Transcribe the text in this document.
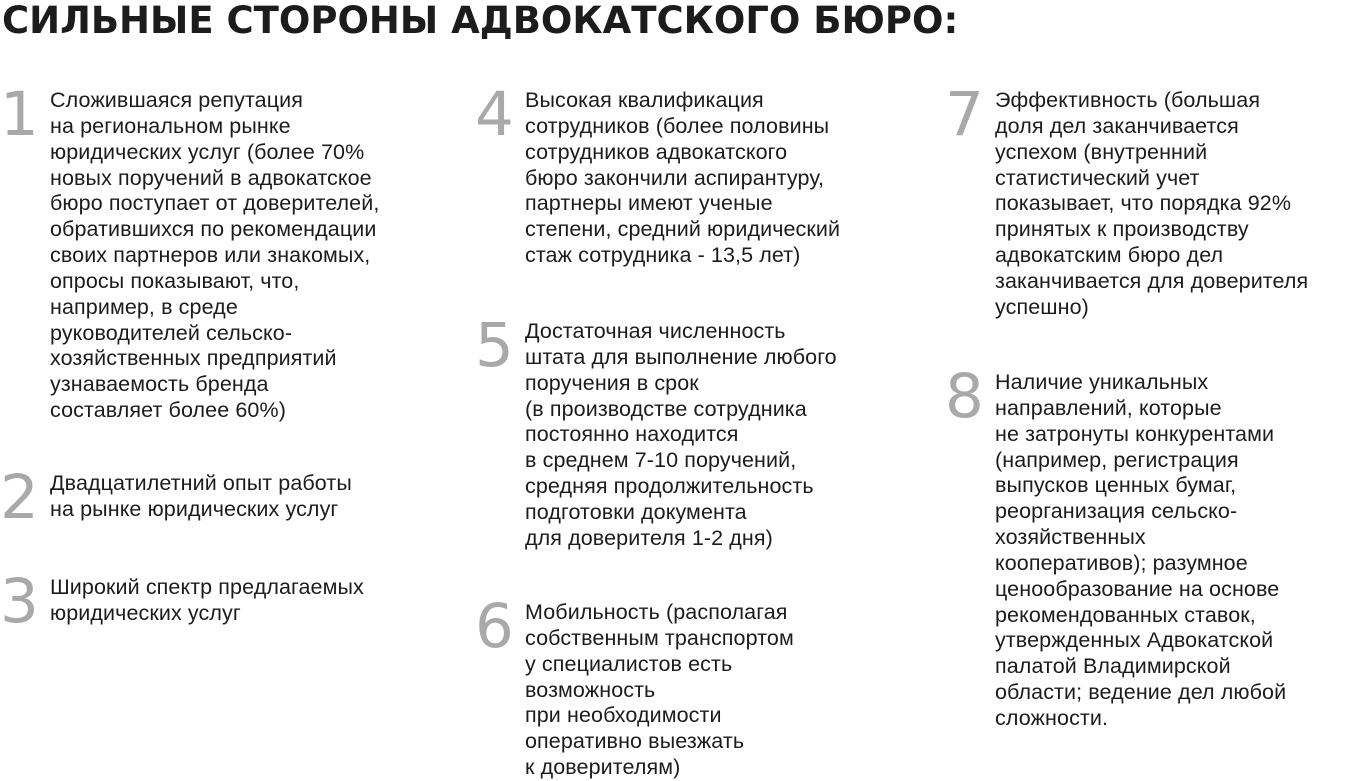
СИЛЬНЫЕ СТОРОНЫ АДВОКАТСКОГО БЮРО:
1 Сложившаяся репутация
на региональном рынке
юридических услуг (более 70%
новых поручений в адвокатское
бюро поступает от доверителей,
обратившихся по рекомендации
своих партнеров или знакомых,
опросы показывают, что,
например, в среде
руководителей сельско-
хозяйственных предприятий
узнаваемость бренда
составляет более 60%)
2 Двадцатилетний опыт работы
на рынке юридических услуг
3 Широкий спектр предлагаемых
юридических услуг
4 Высокая квалификация
сотрудников (более половины
сотрудников адвокатского
бюро закончили аспирантуру,
партнеры имеют ученые
степени, средний юридический
стаж сотрудника - 13,5 лет)
5 Достаточная численность
штата для выполнение любого
поручения в срок
(в производстве сотрудника
постоянно находится
в среднем 7-10 поручений,
средняя продолжительность
подготовки документа
для доверителя 1-2 дня)
6 Мобильность (располагая
собственным транспортом
у специалистов есть
возможность
при необходимости
оперативно выезжать
к доверителям)
7 Эффективность (большая
доля дел заканчивается
успехом (внутренний
статистический учет
показывает, что порядка 92%
принятых к производству
адвокатским бюро дел
заканчивается для доверителя
успешно)
8 Наличие уникальных
направлений, которые
не затронуты конкурентами
(например, регистрация
выпусков ценных бумаг,
реорганизация сельско-
хозяйственных
кооперативов); разумное
ценообразование на основе
рекомендованных ставок,
утвержденных Адвокатской
палатой Владимирской
области; ведение дел любой
сложности.
